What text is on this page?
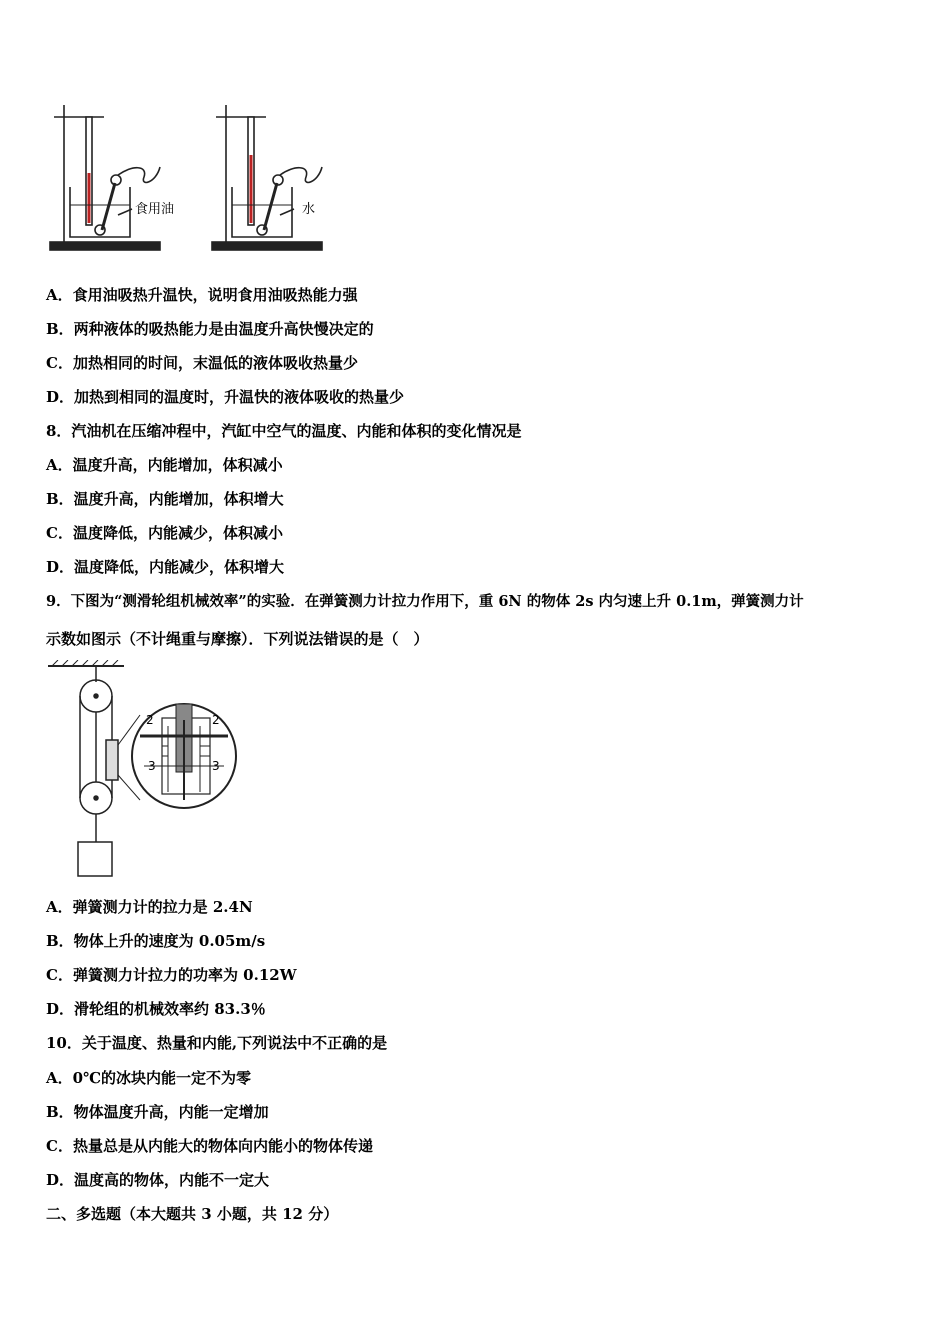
食用油	水
A．食用油吸热升温快，说明食用油吸热能力强
B．两种液体的吸热能力是由温度升高快慢决定的
C．加热相同的时间，末温低的液体吸收热量少
D．加热到相同的温度时，升温快的液体吸收的热量少
8．汽油机在压缩冲程中，汽缸中空气的温度、内能和体积的变化情况是
A．温度升高，内能增加，体积减小
B．温度升高，内能增加，体积增大
C．温度降低，内能减少，体积减小
D．温度降低，内能减少，体积增大
9．下图为“测滑轮组机械效率”的实验．在弹簧测力计拉力作用下，重 6N 的物体 2s 内匀速上升 0.1m，弹簧测力计
示数如图示（不计绳重与摩擦）．下列说法错误的是（　）
2	2
3	3
A．弹簧测力计的拉力是 2.4N
B．物体上升的速度为 0.05m/s
C．弹簧测力计拉力的功率为 0.12W
D．滑轮组的机械效率约 83.3％
10．关于温度、热量和内能,下列说法中不正确的是
A．0℃的冰块内能一定不为零
B．物体温度升高，内能一定增加
C．热量总是从内能大的物体向内能小的物体传递
D．温度高的物体，内能不一定大
二、多选题（本大题共 3 小题，共 12 分）
